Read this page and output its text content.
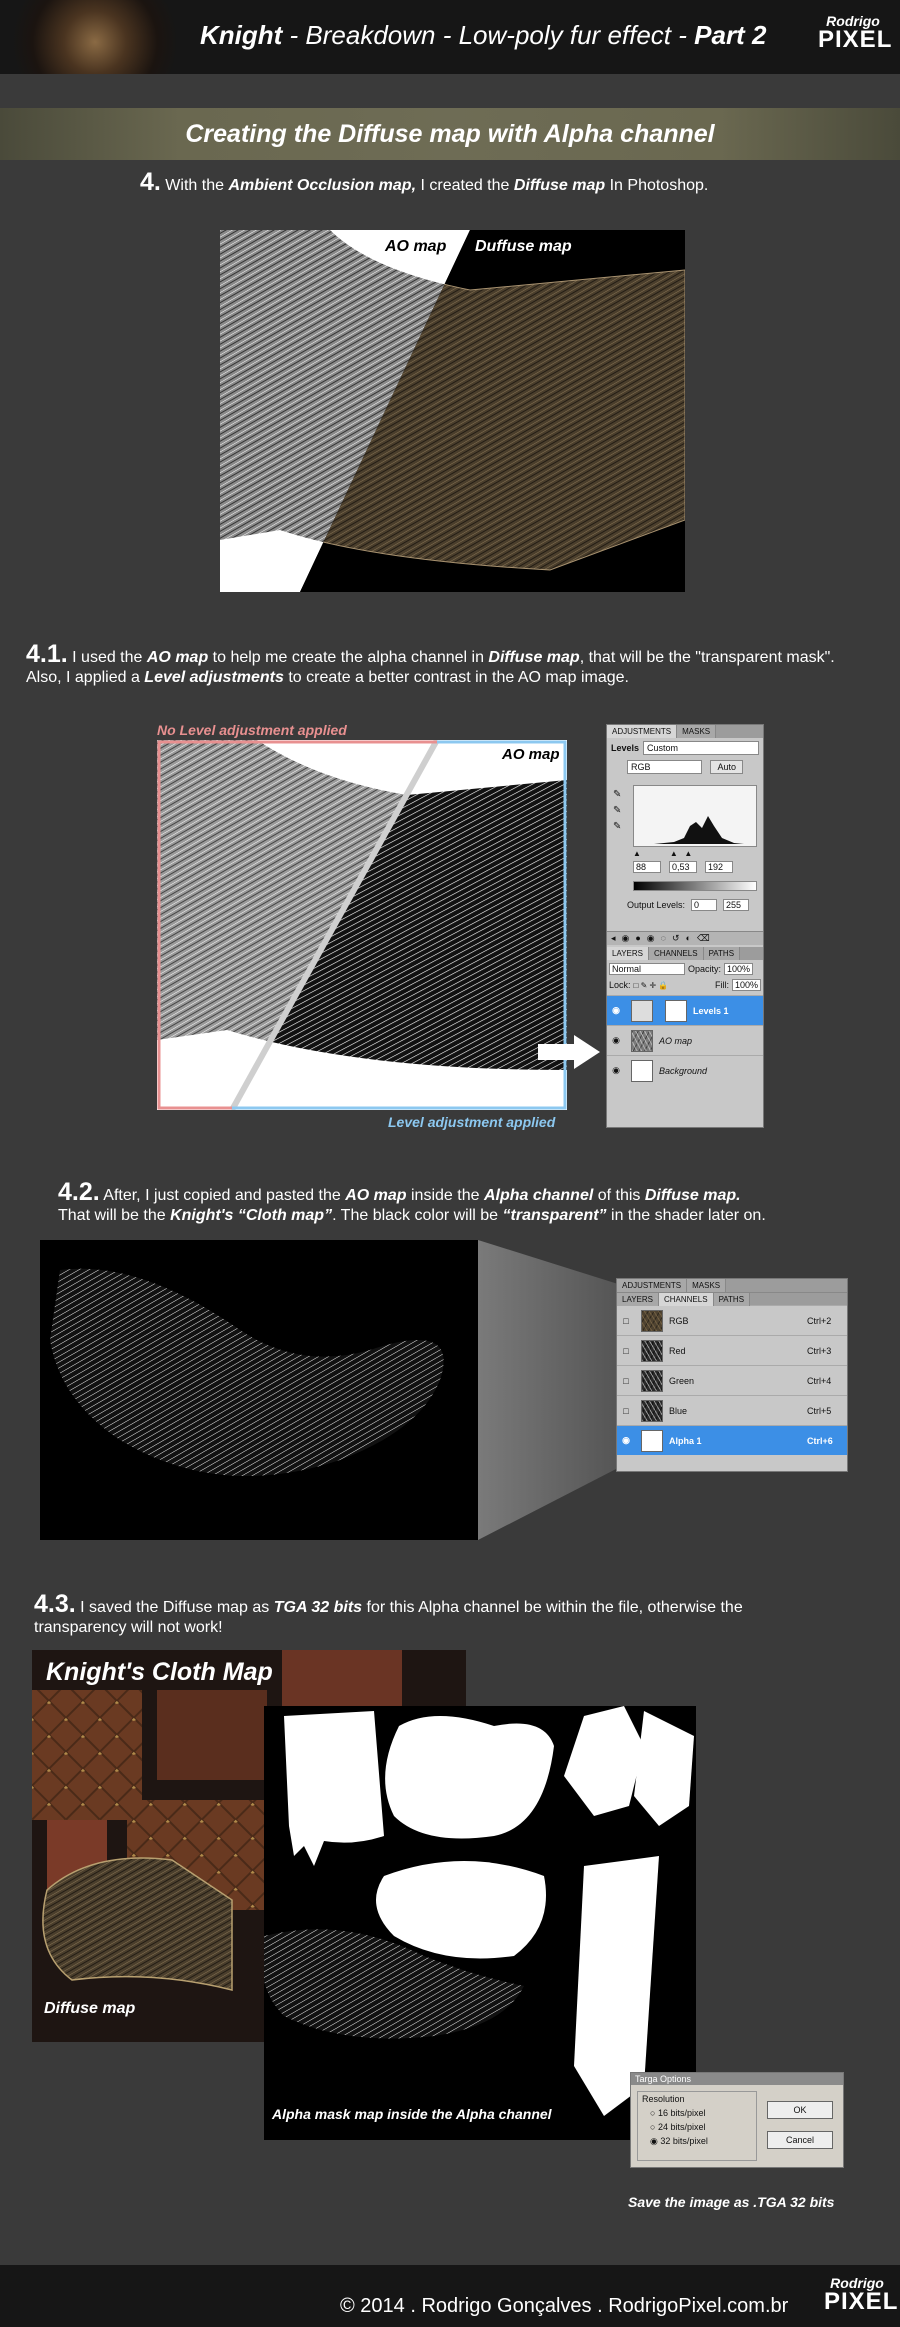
Knight - Breakdown - Low-poly fur effect - Part 2	Rodrigo
PIXEL
Creating the Diffuse map with Alpha channel
4. With the Ambient Occlusion map, I created the Diffuse map In Photoshop.
AO map Duffuse map
4.1. I used the AO map to help me create the alpha channel in Diffuse map, that will be the "transparent mask". Also, I applied a Level adjustments to create a better contrast in the AO map image.
No Level adjustment applied
AO map
Level adjustment applied
ADJUSTMENTS MASKS
Levels Custom
RGB	Auto
✎
✎
✎
▲             ▲   ▲
88	0,53	192
Output Levels:	0	255
◂◉●◉◌↺◐⌫
LAYERS CHANNELS PATHS
Normal	Opacity: 100%
Lock: □ ✎ ✛ 🔒	Fill: 100%
◉	Levels 1
◉	AO map
◉	Background
4.2. After, I just copied and pasted the AO map inside the Alpha channel of this Diffuse map.
That will be the Knight's “Cloth map”. The black color will be “transparent” in the shader later on.
ADJUSTMENTS MASKS
LAYERS CHANNELS PATHS
□	RGB	Ctrl+2
□	Red	Ctrl+3
□	Green	Ctrl+4
□	Blue	Ctrl+5
◉	Alpha 1	Ctrl+6
4.3. I saved the Diffuse map as TGA 32 bits for this Alpha channel be within the file, otherwise the transparency will not work!
Knight's Cloth Map
Diffuse map
Alpha mask map inside the Alpha channel
Targa Options
Resolution
○ 16 bits/pixel
○ 24 bits/pixel
◉ 32 bits/pixel
OK
Cancel
Save the image as .TGA 32 bits
© 2014 . Rodrigo Gonçalves . RodrigoPixel.com.br
Rodrigo
PIXEL
